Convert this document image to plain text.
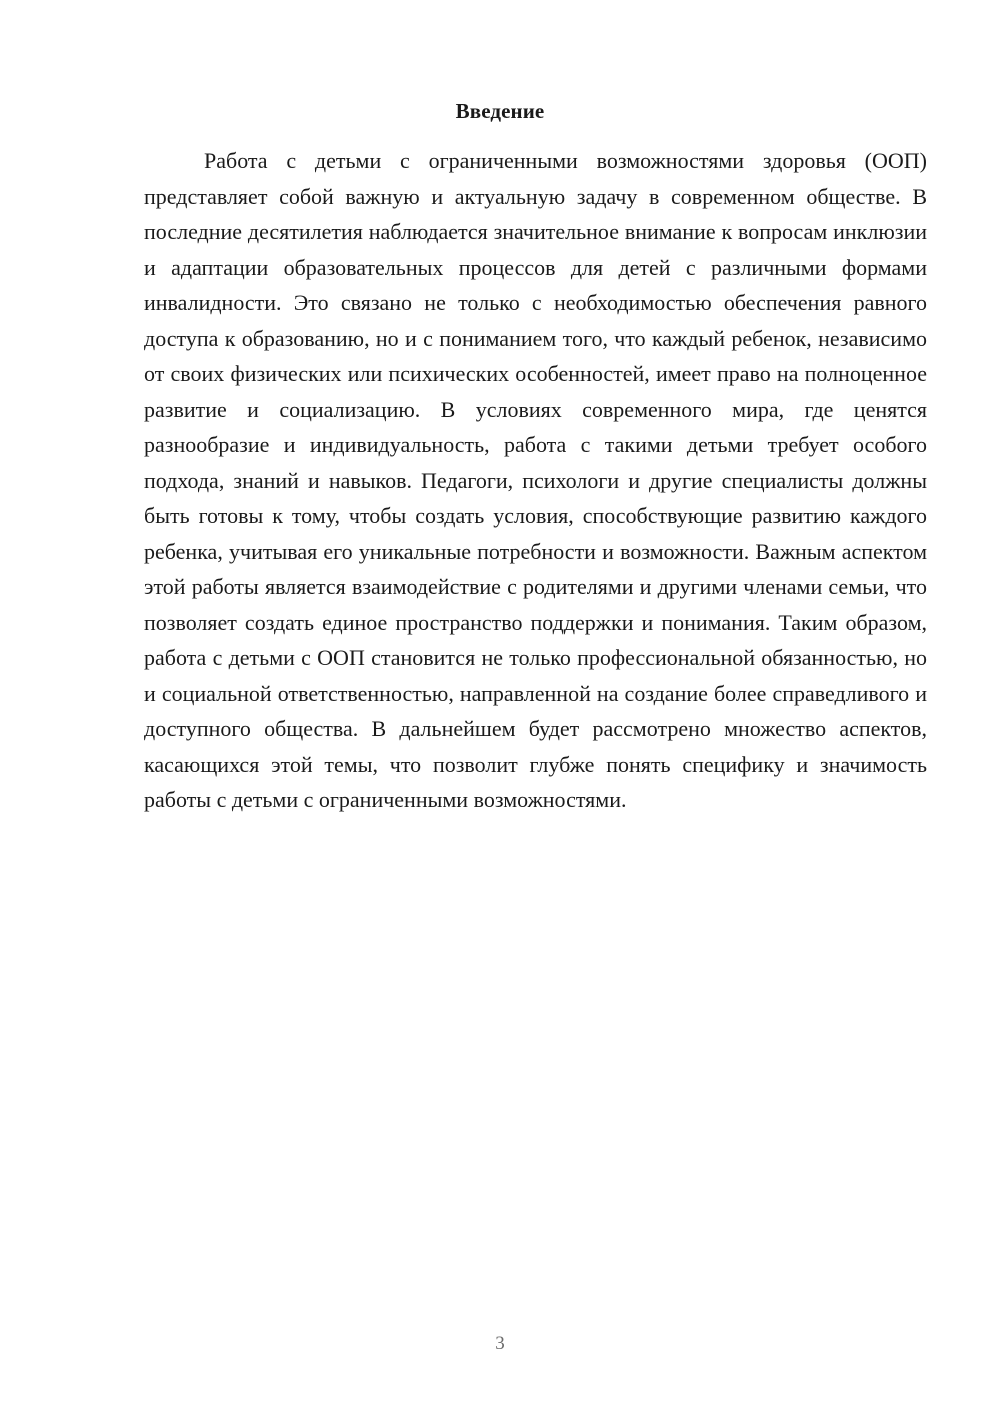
Введение

Работа с детьми с ограниченными возможностями здоровья (ООП) представляет собой важную и актуальную задачу в современном обществе. В последние десятилетия наблюдается значительное внимание к вопросам инклюзии и адаптации образовательных процессов для детей с различными формами инвалидности. Это связано не только с необходимостью обеспечения равного доступа к образованию, но и с пониманием того, что каждый ребенок, независимо от своих физических или психических особенностей, имеет право на полноценное развитие и социализацию. В условиях современного мира, где ценятся разнообразие и индивидуальность, работа с такими детьми требует особого подхода, знаний и навыков. Педагоги, психологи и другие специалисты должны быть готовы к тому, чтобы создать условия, способствующие развитию каждого ребенка, учитывая его уникальные потребности и возможности. Важным аспектом этой работы является взаимодействие с родителями и другими членами семьи, что позволяет создать единое пространство поддержки и понимания. Таким образом, работа с детьми с ООП становится не только профессиональной обязанностью, но и социальной ответственностью, направленной на создание более справедливого и доступного общества. В дальнейшем будет рассмотрено множество аспектов, касающихся этой темы, что позволит глубже понять специфику и значимость работы с детьми с ограниченными возможностями.

3
